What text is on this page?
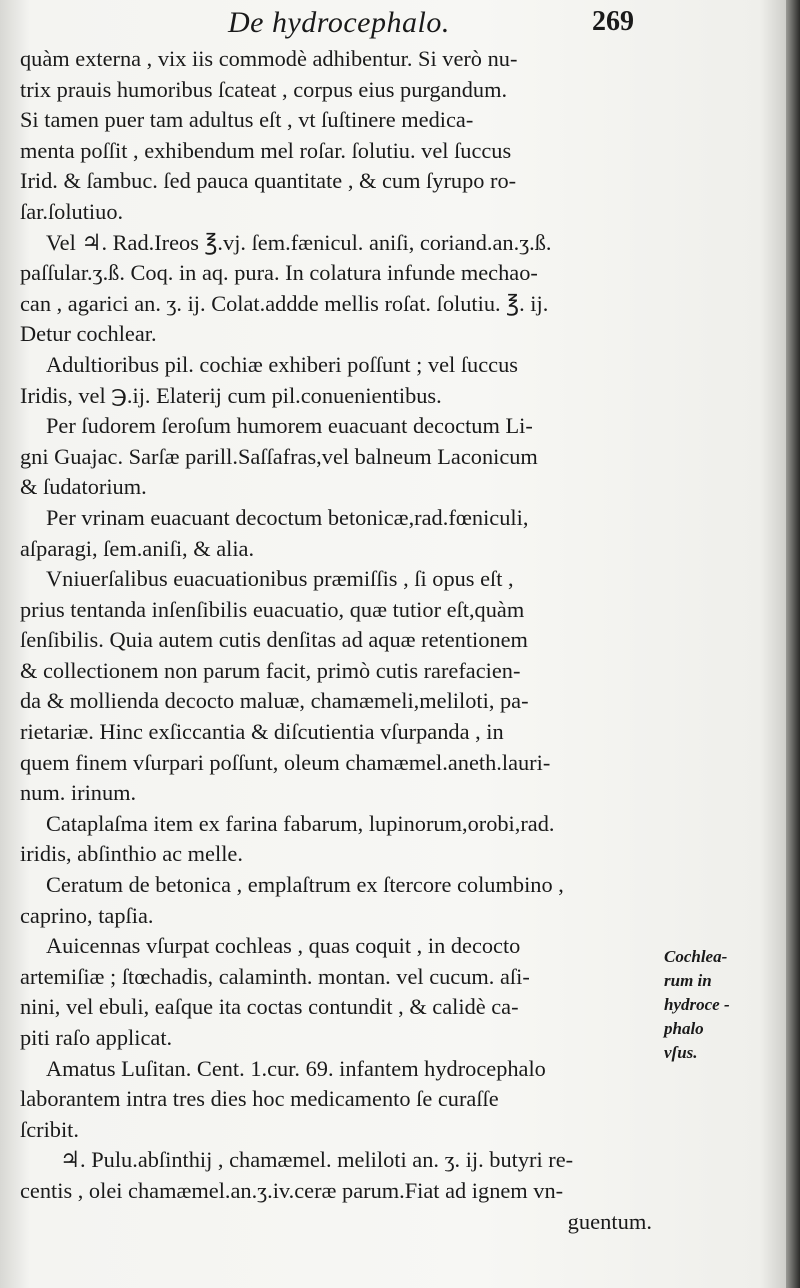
De hydrocephalo.	269
quàm externa , vix iis commodè adhibentur. Si verò nu-
trix prauis humoribus ſcateat , corpus eius purgandum.
Si tamen puer tam adultus eſt , vt ſuſtinere medica-
menta poſſit , exhibendum mel roſar. ſolutiu. vel ſuccus
Irid. & ſambuc. ſed pauca quantitate , & cum ſyrupo ro-
ſar.ſolutiuo.
Vel ♃. Rad.Ireos ℥.vj. ſem.fænicul. aniſi, coriand.an.ʒ.ß.
paſſular.ʒ.ß. Coq. in aq. pura. In colatura infunde mechao-
can , agarici an. ʒ. ij. Colat.addde mellis roſat. ſolutiu. ℥. ij.
Detur cochlear.
Adultioribus pil. cochiæ exhiberi poſſunt ; vel ſuccus
Iridis, vel ℈.ij. Elaterij cum pil.conuenientibus.
Per ſudorem ſeroſum humorem euacuant decoctum Li-
gni Guajac. Sarſæ parill.Saſſafras,vel balneum Laconicum
& ſudatorium.
Per vrinam euacuant decoctum betonicæ,rad.fœniculi,
aſparagi, ſem.aniſi, & alia.
Vniuerſalibus euacuationibus præmiſſis , ſi opus eſt ,
prius tentanda inſenſibilis euacuatio, quæ tutior eſt,quàm
ſenſibilis. Quia autem cutis denſitas ad aquæ retentionem
& collectionem non parum facit, primò cutis rarefacien-
da & mollienda decocto maluæ, chamæmeli,meliloti, pa-
rietariæ. Hinc exſiccantia & diſcutientia vſurpanda , in
quem finem vſurpari poſſunt, oleum chamæmel.aneth.lauri-
num. irinum.
Cataplaſma item ex farina fabarum, lupinorum,orobi,rad.
iridis, abſinthio ac melle.
Ceratum de betonica , emplaſtrum ex ſtercore columbino ,
caprino, tapſia.
Auicennas vſurpat cochleas , quas coquit , in decocto
artemiſiæ ; ſtœchadis, calaminth. montan. vel cucum. aſi-
nini, vel ebuli, eaſque ita coctas contundit , & calidè ca-
piti raſo applicat.
Amatus Luſitan. Cent. 1.cur. 69. infantem hydrocephalo
laborantem intra tres dies hoc medicamento ſe curaſſe
ſcribit.
♃. Pulu.abſinthij , chamæmel. meliloti an. ʒ. ij. butyri re-
centis , olei chamæmel.an.ʒ.iv.ceræ parum.Fiat ad ignem vn-
guentum.
Cochlea-
rum in
hydroce -
phalo
vſus.
